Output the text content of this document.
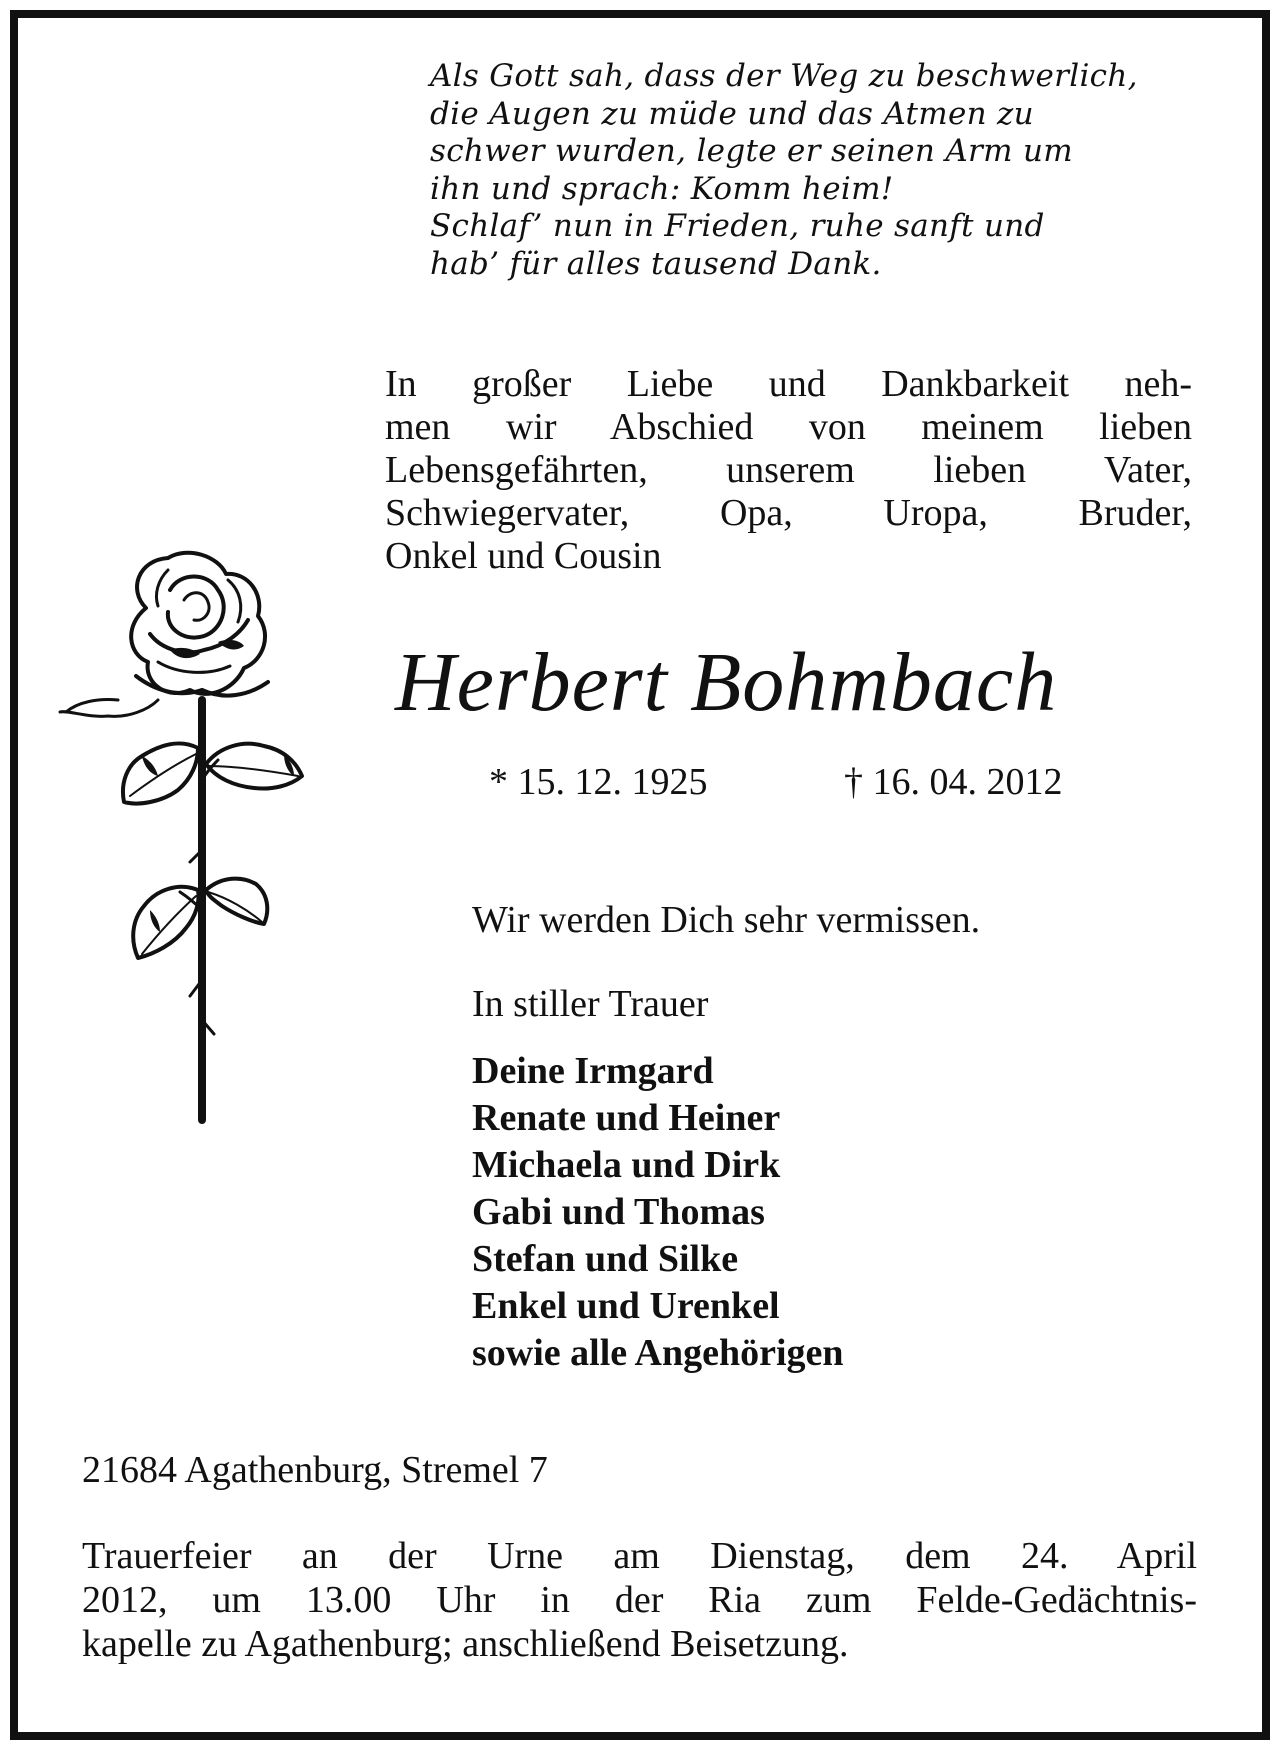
Als Gott sah, dass der Weg zu beschwerlich,
die Augen zu müde und das Atmen zu
schwer wurden, legte er seinen Arm um
ihn und sprach: Komm heim!
Schlaf’ nun in Frieden, ruhe sanft und
hab’ für alles tausend Dank.
In großer Liebe und Dankbarkeit neh-
men wir Abschied von meinem lieben
Lebensgefährten, unserem lieben Vater,
Schwiegervater, Opa, Uropa, Bruder,
Onkel und Cousin
Herbert Bohmbach
* 15. 12. 1925	† 16. 04. 2012
Wir werden Dich sehr vermissen.
In stiller Trauer
Deine Irmgard
Renate und Heiner
Michaela und Dirk
Gabi und Thomas
Stefan und Silke
Enkel und Urenkel
sowie alle Angehörigen
21684 Agathenburg, Stremel 7
Trauerfeier an der Urne am Dienstag, dem 24. April
2012, um 13.00 Uhr in der Ria zum Felde-Gedächtnis-
kapelle zu Agathenburg; anschließend Beisetzung.
